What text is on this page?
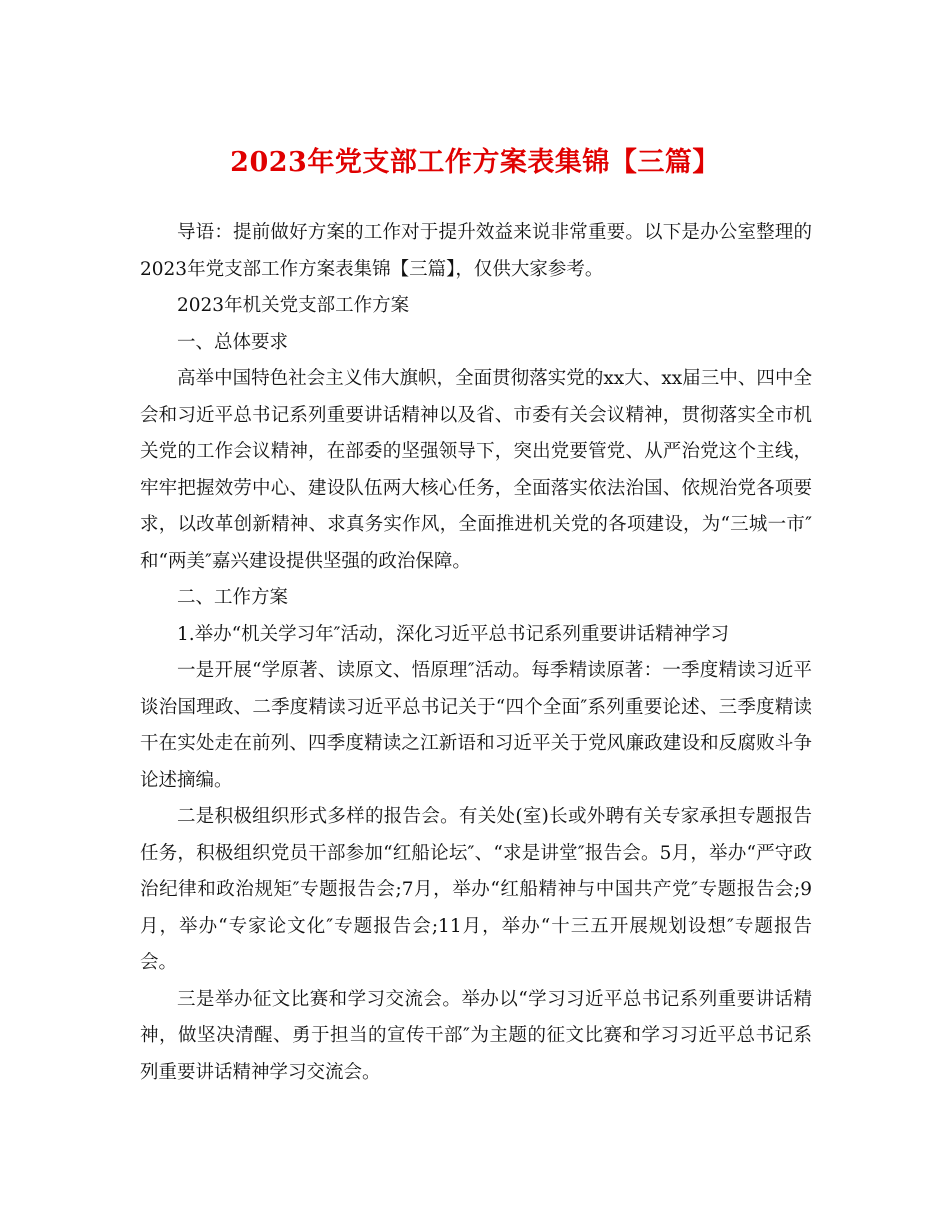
2023年党支部工作方案表集锦【三篇】

导语：提前做好方案的工作对于提升效益来说非常重要。以下是办公室整理的2023年党支部工作方案表集锦【三篇】，仅供大家参考。

2023年机关党支部工作方案

一、总体要求

高举中国特色社会主义伟大旗帜，全面贯彻落实党的xx大、xx届三中、四中全会和习近平总书记系列重要讲话精神以及省、市委有关会议精神，贯彻落实全市机关党的工作会议精神，在部委的坚强领导下，突出党要管党、从严治党这个主线，牢牢把握效劳中心、建设队伍两大核心任务，全面落实依法治国、依规治党各项要求，以改革创新精神、求真务实作风，全面推进机关党的各项建设，为“三城一市″和“两美″嘉兴建设提供坚强的政治保障。

二、工作方案

1.举办“机关学习年″活动，深化习近平总书记系列重要讲话精神学习

一是开展“学原著、读原文、悟原理″活动。每季精读原著：一季度精读习近平谈治国理政、二季度精读习近平总书记关于“四个全面″系列重要论述、三季度精读干在实处走在前列、四季度精读之江新语和习近平关于党风廉政建设和反腐败斗争论述摘编。

二是积极组织形式多样的报告会。有关处(室)长或外聘有关专家承担专题报告任务，积极组织党员干部参加“红船论坛″、“求是讲堂″报告会。5月，举办“严守政治纪律和政治规矩″专题报告会;7月，举办“红船精神与中国共产党″专题报告会;9月，举办“专家论文化″专题报告会;11月，举办“十三五开展规划设想″专题报告会。

三是举办征文比赛和学习交流会。举办以“学习习近平总书记系列重要讲话精神，做坚决清醒、勇于担当的宣传干部″为主题的征文比赛和学习习近平总书记系列重要讲话精神学习交流会。
